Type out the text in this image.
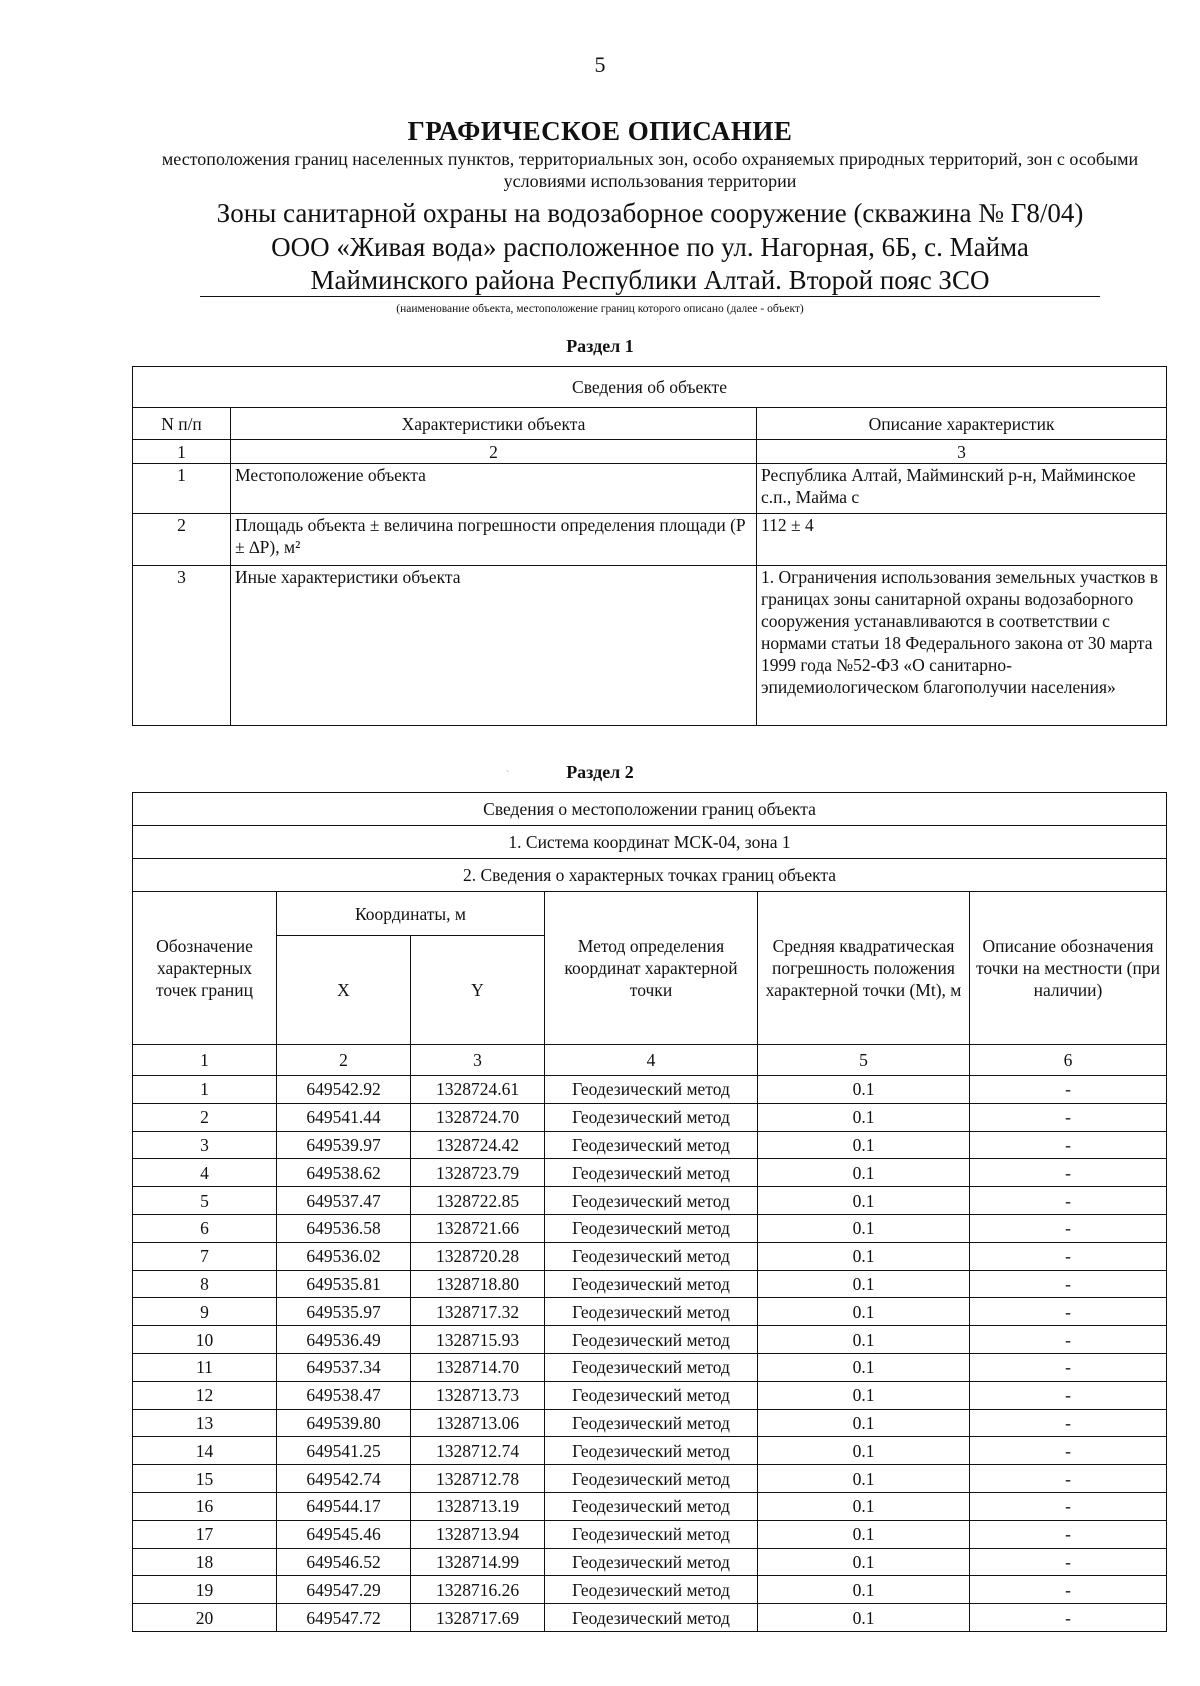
5
ГРАФИЧЕСКОЕ ОПИСАНИЕ
местоположения границ населенных пунктов, территориальных зон, особо охраняемых природных территорий, зон с особыми условиями использования территории
Зоны санитарной охраны на водозаборное сооружение (скважина № Г8/04)
ООО «Живая вода» расположенное по ул. Нагорная, 6Б, с. Майма
Майминского района Республики Алтай. Второй пояс ЗСО
(наименование объекта, местоположение границ которого описано (далее - объект)
Раздел 1
Сведения об объекте		
N п/п	Характеристики объекта	Описание характеристик
1	2	3
1	Местоположение объекта	Республика Алтай, Майминский р-н, Майминское с.п., Майма с
2	Площадь объекта ± величина погрешности определения площади (P ± ∆P), м²	112 ± 4
3	Иные характеристики объекта	1. Ограничения использования земельных участков в границах зоны санитарной охраны водозаборного сооружения устанавливаются в соответствии с нормами статьи 18 Федерального закона от 30 марта 1999 года №52-ФЗ «О санитарно-эпидемиологическом благополучии населения»
`	Раздел 2
Сведения о местоположении границ объекта					
1. Система координат МСК-04, зона 1					
2. Сведения о характерных точках границ объекта					
Обозначение характерных точек границ	Координаты, м		Метод определения координат характерной точки	Средняя квадратическая погрешность положения характерной точки (Mt), м	Описание обозначения точки на местности (при наличии)
	X	Y			
1	2	3	4	5	6
1	649542.92	1328724.61	Геодезический метод	0.1	-
2	649541.44	1328724.70	Геодезический метод	0.1	-
3	649539.97	1328724.42	Геодезический метод	0.1	-
4	649538.62	1328723.79	Геодезический метод	0.1	-
5	649537.47	1328722.85	Геодезический метод	0.1	-
6	649536.58	1328721.66	Геодезический метод	0.1	-
7	649536.02	1328720.28	Геодезический метод	0.1	-
8	649535.81	1328718.80	Геодезический метод	0.1	-
9	649535.97	1328717.32	Геодезический метод	0.1	-
10	649536.49	1328715.93	Геодезический метод	0.1	-
11	649537.34	1328714.70	Геодезический метод	0.1	-
12	649538.47	1328713.73	Геодезический метод	0.1	-
13	649539.80	1328713.06	Геодезический метод	0.1	-
14	649541.25	1328712.74	Геодезический метод	0.1	-
15	649542.74	1328712.78	Геодезический метод	0.1	-
16	649544.17	1328713.19	Геодезический метод	0.1	-
17	649545.46	1328713.94	Геодезический метод	0.1	-
18	649546.52	1328714.99	Геодезический метод	0.1	-
19	649547.29	1328716.26	Геодезический метод	0.1	-
20	649547.72	1328717.69	Геодезический метод	0.1	-
